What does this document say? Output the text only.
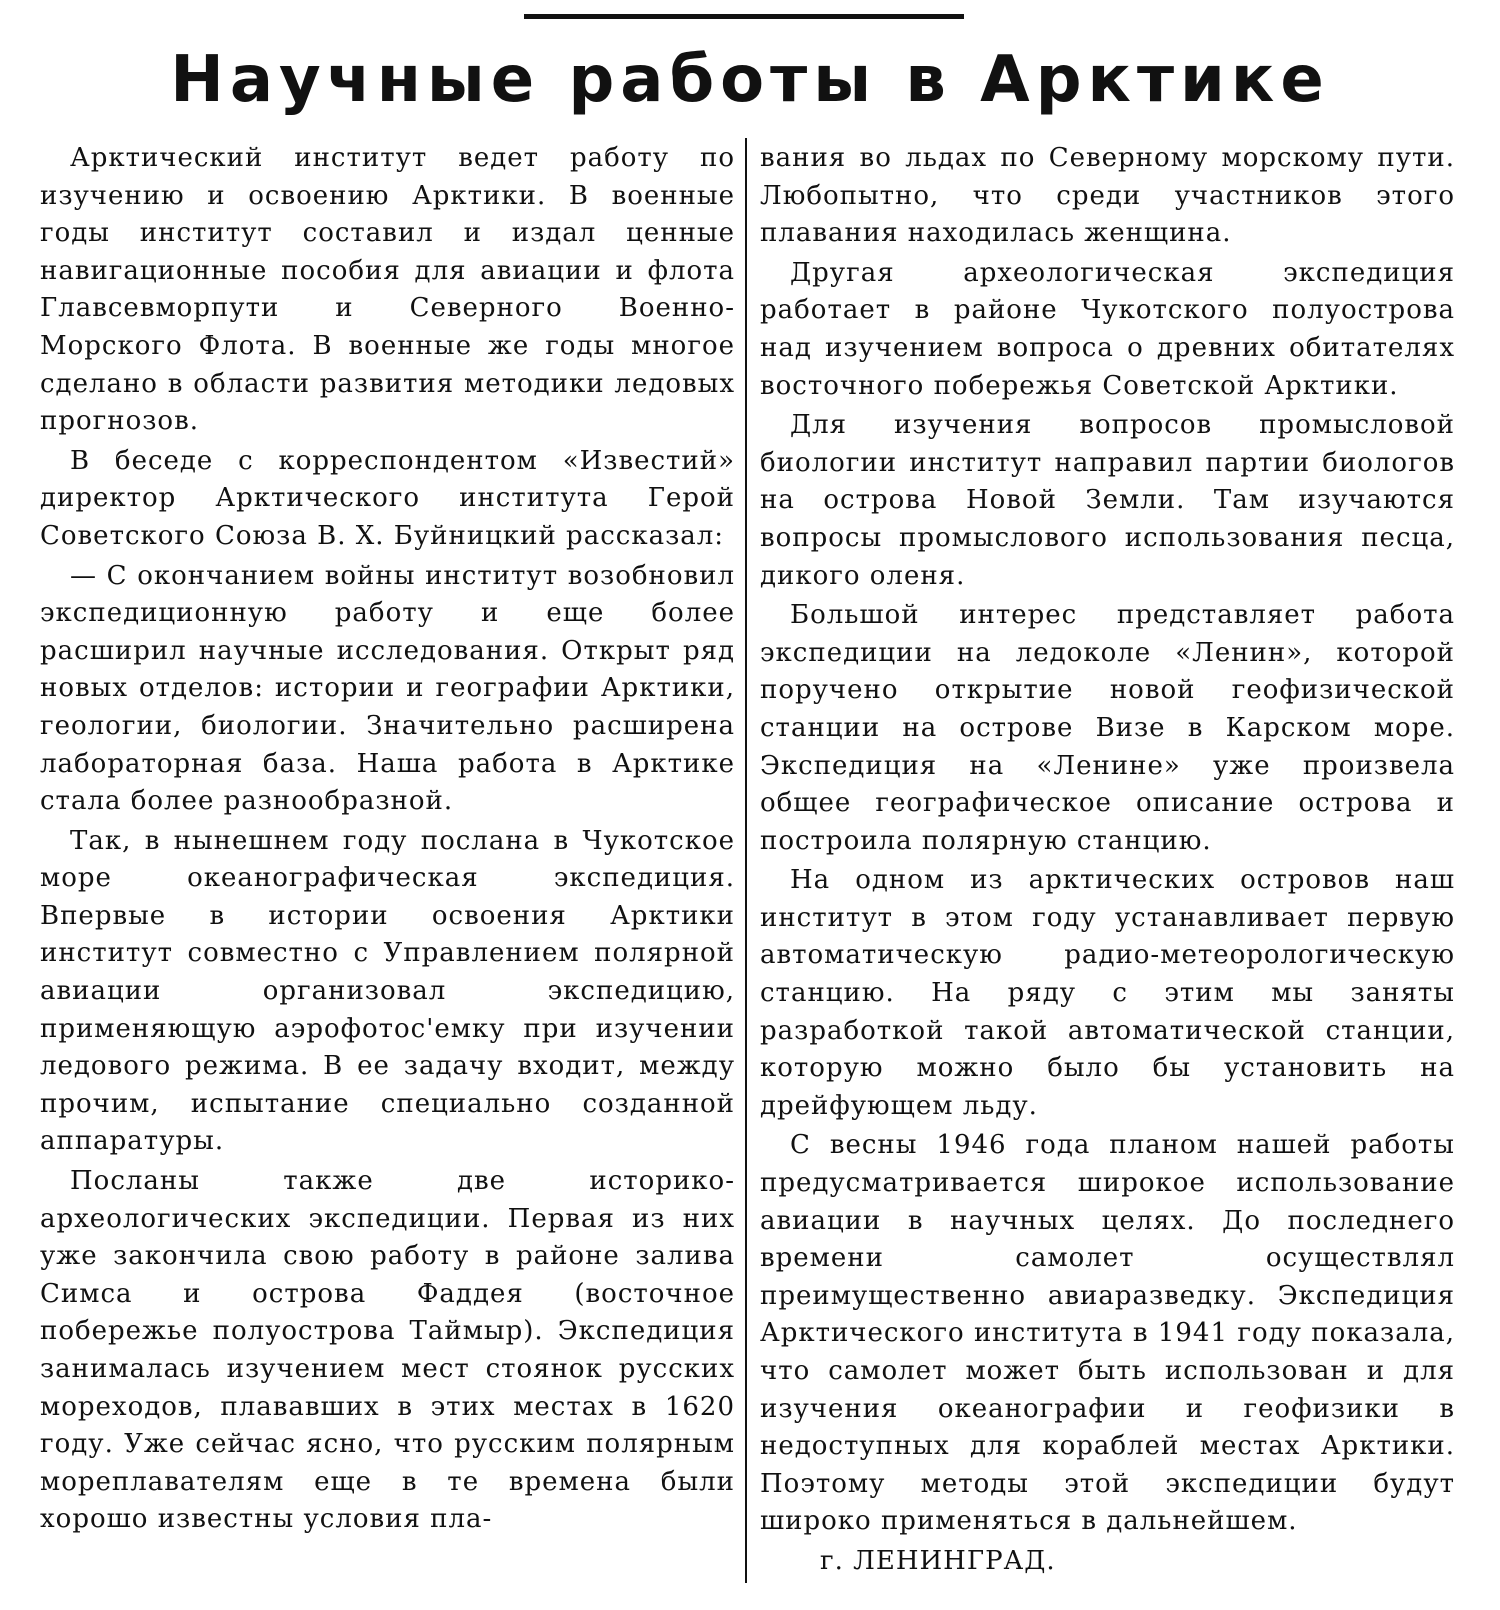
Научные работы в Арктике

Арктический институт ведет работу по изучению и освоению Арктики. В военные годы институт составил и издал ценные навигационные пособия для авиации и флота Главсевморпути и Северного Военно-Морского Флота. В военные же годы многое сделано в области развития методики ледовых прогнозов.

В беседе с корреспондентом «Известий» директор Арктического института Герой Советского Союза В. Х. Буйницкий рассказал:

— С окончанием войны институт возобновил экспедиционную работу и еще более расширил научные исследования. Открыт ряд новых отделов: истории и географии Арктики, геологии, биологии. Значительно расширена лабораторная база. Наша работа в Арктике стала более разнообразной.

Так, в нынешнем году послана в Чукотское море океанографическая экспедиция. Впервые в истории освоения Арктики институт совместно с Управлением полярной авиации организовал экспедицию, применяющую аэрофотос'емку при изучении ледового режима. В ее задачу входит, между прочим, испытание специально созданной аппаратуры.

Посланы также две историко-археологических экспедиции. Первая из них уже закончила свою работу в районе залива Симса и острова Фаддея (восточное побережье полуострова Таймыр). Экспедиция занималась изучением мест стоянок русских мореходов, плававших в этих местах в 1620 году. Уже сейчас ясно, что русским полярным мореплавателям еще в те времена были хорошо известны условия пла-

вания во льдах по Северному морскому пути. Любопытно, что среди участников этого плавания находилась женщина.

Другая археологическая экспедиция работает в районе Чукотского полуострова над изучением вопроса о древних обитателях восточного побережья Советской Арктики.

Для изучения вопросов промысловой биологии институт направил партии биологов на острова Новой Земли. Там изучаются вопросы промыслового использования песца, дикого оленя.

Большой интерес представляет работа экспедиции на ледоколе «Ленин», которой поручено открытие новой геофизической станции на острове Визе в Карском море. Экспедиция на «Ленине» уже произвела общее географическое описание острова и построила полярную станцию.

На одном из арктических островов наш институт в этом году устанавливает первую автоматическую радио-метеорологическую станцию. На ряду с этим мы заняты разработкой такой автоматической станции, которую можно было бы установить на дрейфующем льду.

С весны 1946 года планом нашей работы предусматривается широкое использование авиации в научных целях. До последнего времени самолет осуществлял преимущественно авиаразведку. Экспедиция Арктического института в 1941 году показала, что самолет может быть использован и для изучения океанографии и геофизики в недоступных для кораблей местах Арктики. Поэтому методы этой экспедиции будут широко применяться в дальнейшем.

г. ЛЕНИНГРАД.
